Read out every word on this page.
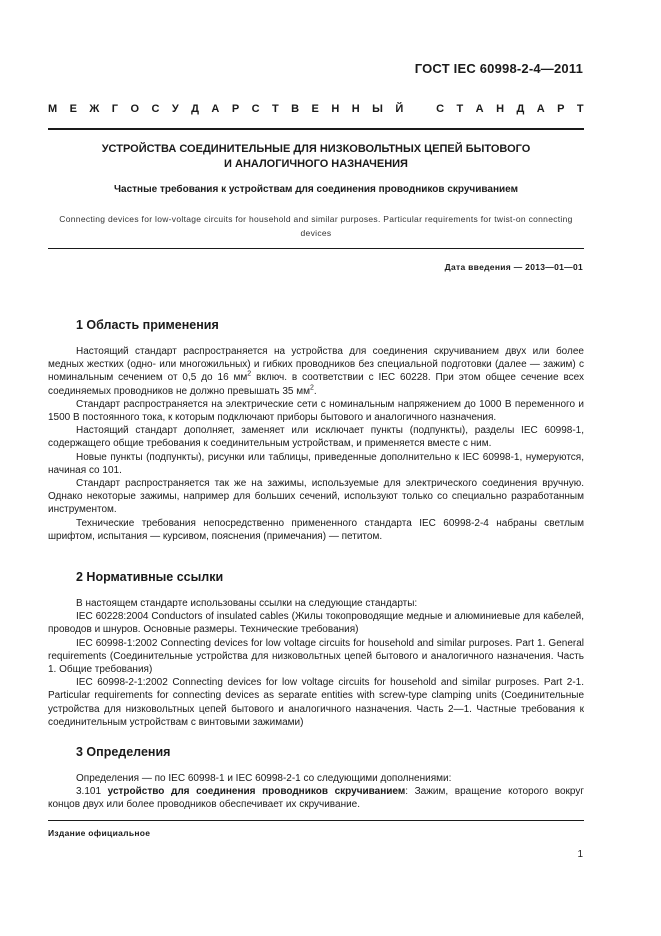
ГОСТ IEC 60998-2-4—2011
М Е Ж Г О С У Д А Р С Т В Е Н Н Ы Й	С Т А Н Д А Р Т
УСТРОЙСТВА СОЕДИНИТЕЛЬНЫЕ ДЛЯ НИЗКОВОЛЬТНЫХ ЦЕПЕЙ БЫТОВОГО
И АНАЛОГИЧНОГО НАЗНАЧЕНИЯ
Частные требования к устройствам для соединения проводников скручиванием
Connecting devices for low-voltage circuits for household and similar purposes. Particular requirements for twist-on connecting devices
Дата введения — 2013—01—01
1 Область применения

Настоящий стандарт распространяется на устройства для соединения скручиванием двух или более медных жестких (одно- или многожильных) и гибких проводников без специальной подготовки (далее — зажим) с номинальным сечением от 0,5 до 16 $мм^2$ включ. в соответствии с IEC 60228. При этом общее сечение всех соединяемых проводников не должно превышать 35 $мм^2$.

Стандарт распространяется на электрические сети с номинальным напряжением до 1000 В переменного и 1500 В постоянного тока, к которым подключают приборы бытового и аналогичного назначения.

Настоящий стандарт дополняет, заменяет или исключает пункты (подпункты), разделы IEC 60998-1, содержащего общие требования к соединительным устройствам, и применяется вместе с ним.

Новые пункты (подпункты), рисунки или таблицы, приведенные дополнительно к IEC 60998-1, нумеруются, начиная со 101.

Стандарт распространяется так же на зажимы, используемые для электрического соединения вручную. Однако некоторые зажимы, например для больших сечений, используют только со специально разработанным инструментом.

Технические требования непосредственно примененного стандарта IEC 60998-2-4 набраны светлым шрифтом, испытания — курсивом, пояснения (примечания) — петитом.

2 Нормативные ссылки

В настоящем стандарте использованы ссылки на следующие стандарты:

IEC 60228:2004 Conductors of insulated cables (Жилы токопроводящие медные и алюминиевые для кабелей, проводов и шнуров. Основные размеры. Технические требования)

IEC 60998-1:2002 Connecting devices for low voltage circuits for household and similar purposes. Part 1. General requirements (Соединительные устройства для низковольтных цепей бытового и аналогичного назначения. Часть 1. Общие требования)

IEC 60998-2-1:2002 Connecting devices for low voltage circuits for household and similar purposes. Part 2-1. Particular requirements for connecting devices as separate entities with screw-type clamping units (Соединительные устройства для низковольтных цепей бытового и аналогичного назначения. Часть 2—1. Частные требования к соединительным устройствам с винтовыми зажимами)

3 Определения

Определения — по IEC 60998-1 и IEC 60998-2-1 со следующими дополнениями:

3.101 устройство для соединения проводников скручиванием: Зажим, вращение которого вокруг концов двух или более проводников обеспечивает их скручивание.

Издание официальное
1
